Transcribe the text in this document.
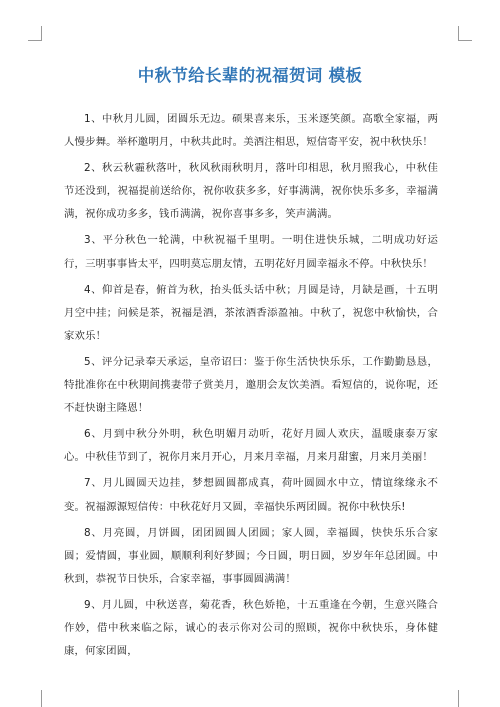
中秋节给长辈的祝福贺词 模板

1、中秋月儿圆，团圆乐无边。硕果喜来乐，玉米逐笑颜。高歌全家福，两人慢步舞。举杯邀明月，中秋共此时。美酒注相思，短信寄平安，祝中秋快乐！

2、秋云秋霾秋落叶，秋风秋雨秋明月，落叶印相思，秋月照我心，中秋佳节还没到，祝福提前送给你，祝你收获多多，好事满满，祝你快乐多多，幸福满满，祝你成功多多，钱币满满，祝你喜事多多，笑声满满。

3、平分秋色一轮满，中秋祝福千里明。一明住进快乐城，二明成功好运行，三明事事皆太平，四明莫忘朋友情，五明花好月圆幸福永不停。中秋快乐！

4、仰首是春，俯首为秋，抬头低头话中秋；月圆是诗，月缺是画，十五明月空中挂；问候是茶，祝福是酒，茶浓酒香添盈袖。中秋了，祝您中秋愉快，合家欢乐！

5、评分记录奉天承运，皇帝诏曰：鉴于你生活快快乐乐，工作勤勤恳恳，特批准你在中秋期间携妻带子赏美月，邀朋会友饮美酒。看短信的，说你呢，还不赶快谢主隆恩！

6、月到中秋分外明，秋色明媚月动听，花好月圆人欢庆，温暖康泰万家心。中秋佳节到了，祝你月来月开心，月来月幸福，月来月甜蜜，月来月美丽！

7、月儿圆圆天边挂，梦想圆圆都成真，荷叶圆圆水中立，情谊缘缘永不变。祝福源源短信传：中秋花好月又圆，幸福快乐两团圆。祝你中秋快乐!

8、月亮圆，月饼圆，团团圆圆人团圆；家人圆，幸福圆，快快乐乐合家圆；爱情圆，事业圆，顺顺利利好梦圆；今日圆，明日圆，岁岁年年总团圆。中秋到，恭祝节日快乐，合家幸福，事事圆圆满满！

9、月儿圆，中秋送喜，菊花香，秋色娇艳，十五重逢在今朝，生意兴隆合作妙，借中秋来临之际，诚心的表示你对公司的照顾，祝你中秋快乐，身体健康，何家团圆，
